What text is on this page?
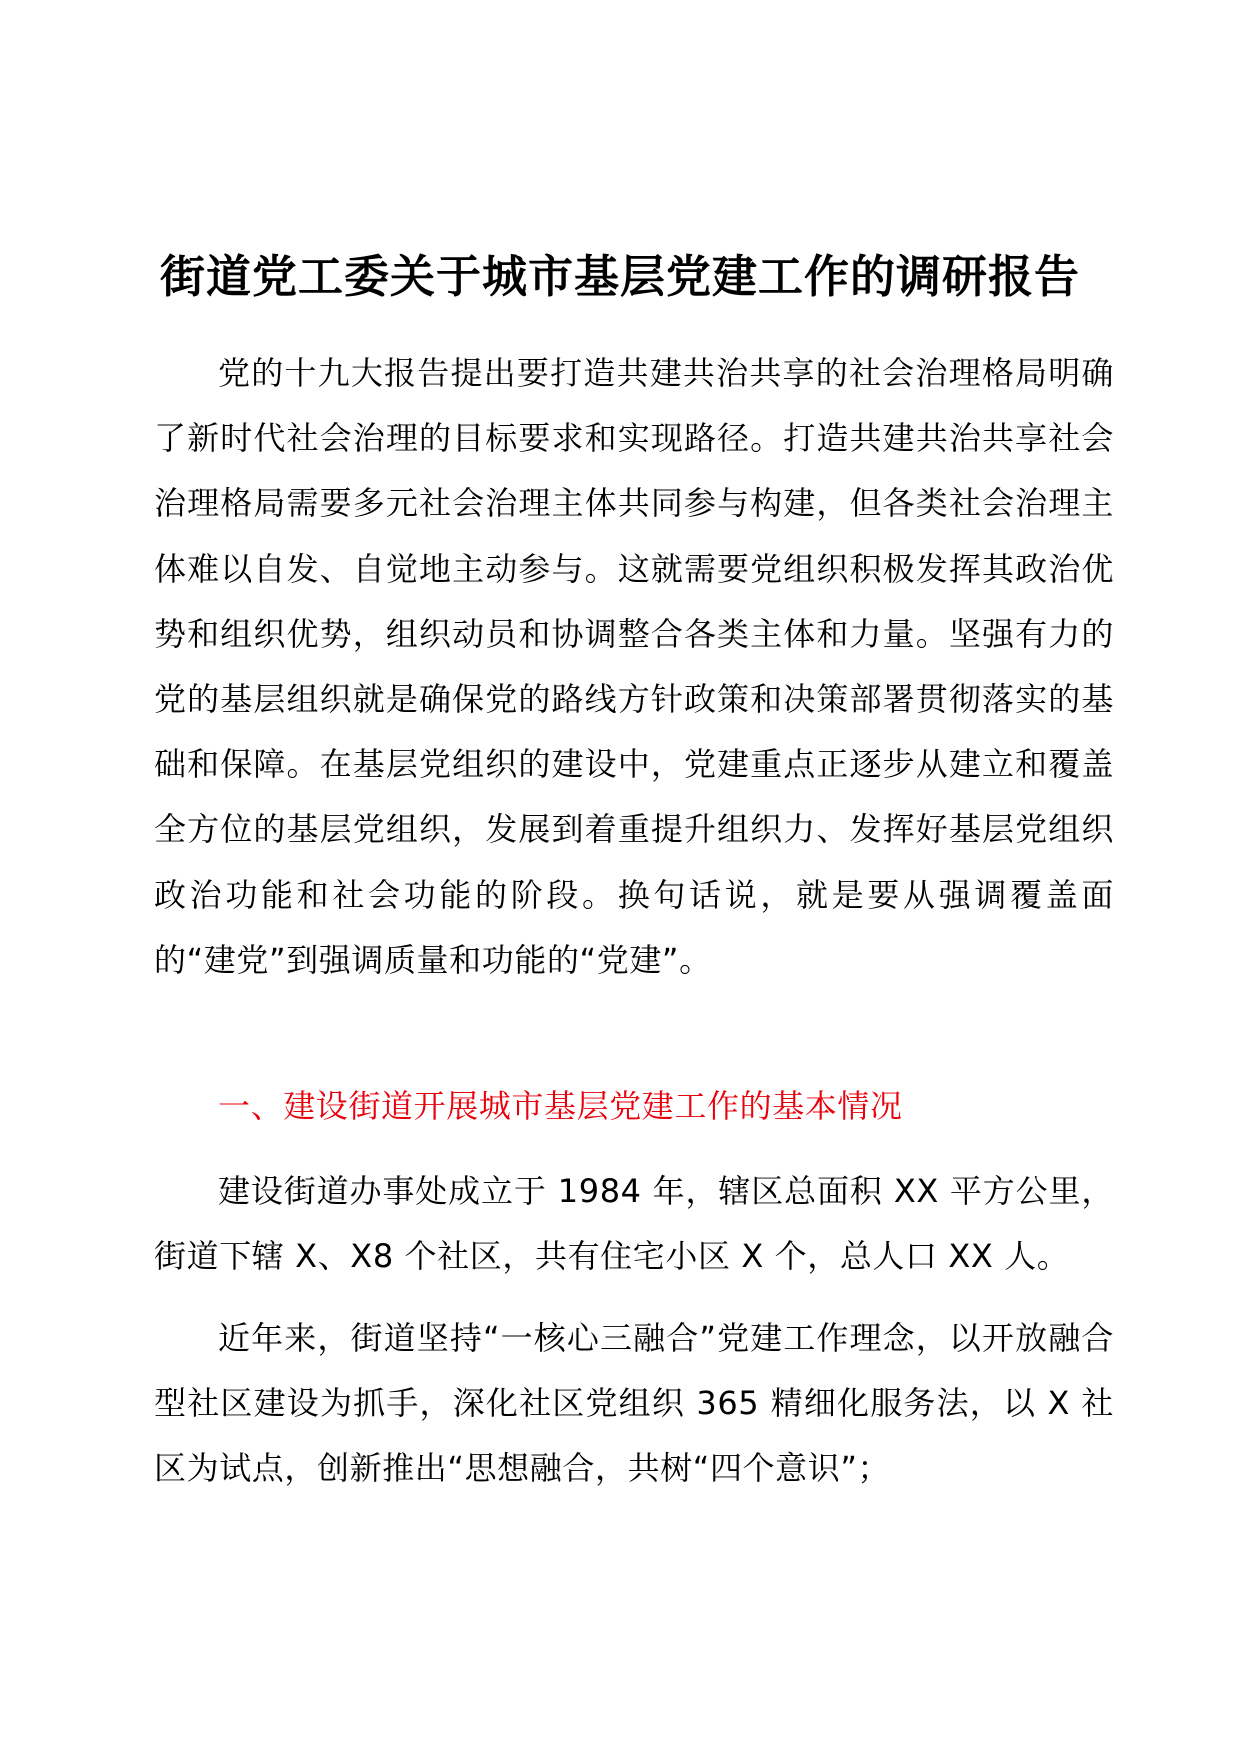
街道党工委关于城市基层党建工作的调研报告

党的十九大报告提出要打造共建共治共享的社会治理格局明确了新时代社会治理的目标要求和实现路径。打造共建共治共享社会治理格局需要多元社会治理主体共同参与构建，但各类社会治理主体难以自发、自觉地主动参与。这就需要党组织积极发挥其政治优势和组织优势，组织动员和协调整合各类主体和力量。坚强有力的党的基层组织就是确保党的路线方针政策和决策部署贯彻落实的基础和保障。在基层党组织的建设中，党建重点正逐步从建立和覆盖全方位的基层党组织，发展到着重提升组织力、发挥好基层党组织政治功能和社会功能的阶段。换句话说，就是要从强调覆盖面的“建党”到强调质量和功能的“党建”。

一、建设街道开展城市基层党建工作的基本情况

建设街道办事处成立于 1984 年，辖区总面积 XX 平方公里，街道下辖 X、X8 个社区，共有住宅小区 X 个，总人口 XX 人。

近年来，街道坚持“一核心三融合”党建工作理念，以开放融合型社区建设为抓手，深化社区党组织 365 精细化服务法，以 X 社区为试点，创新推出“思想融合，共树“四个意识”；
